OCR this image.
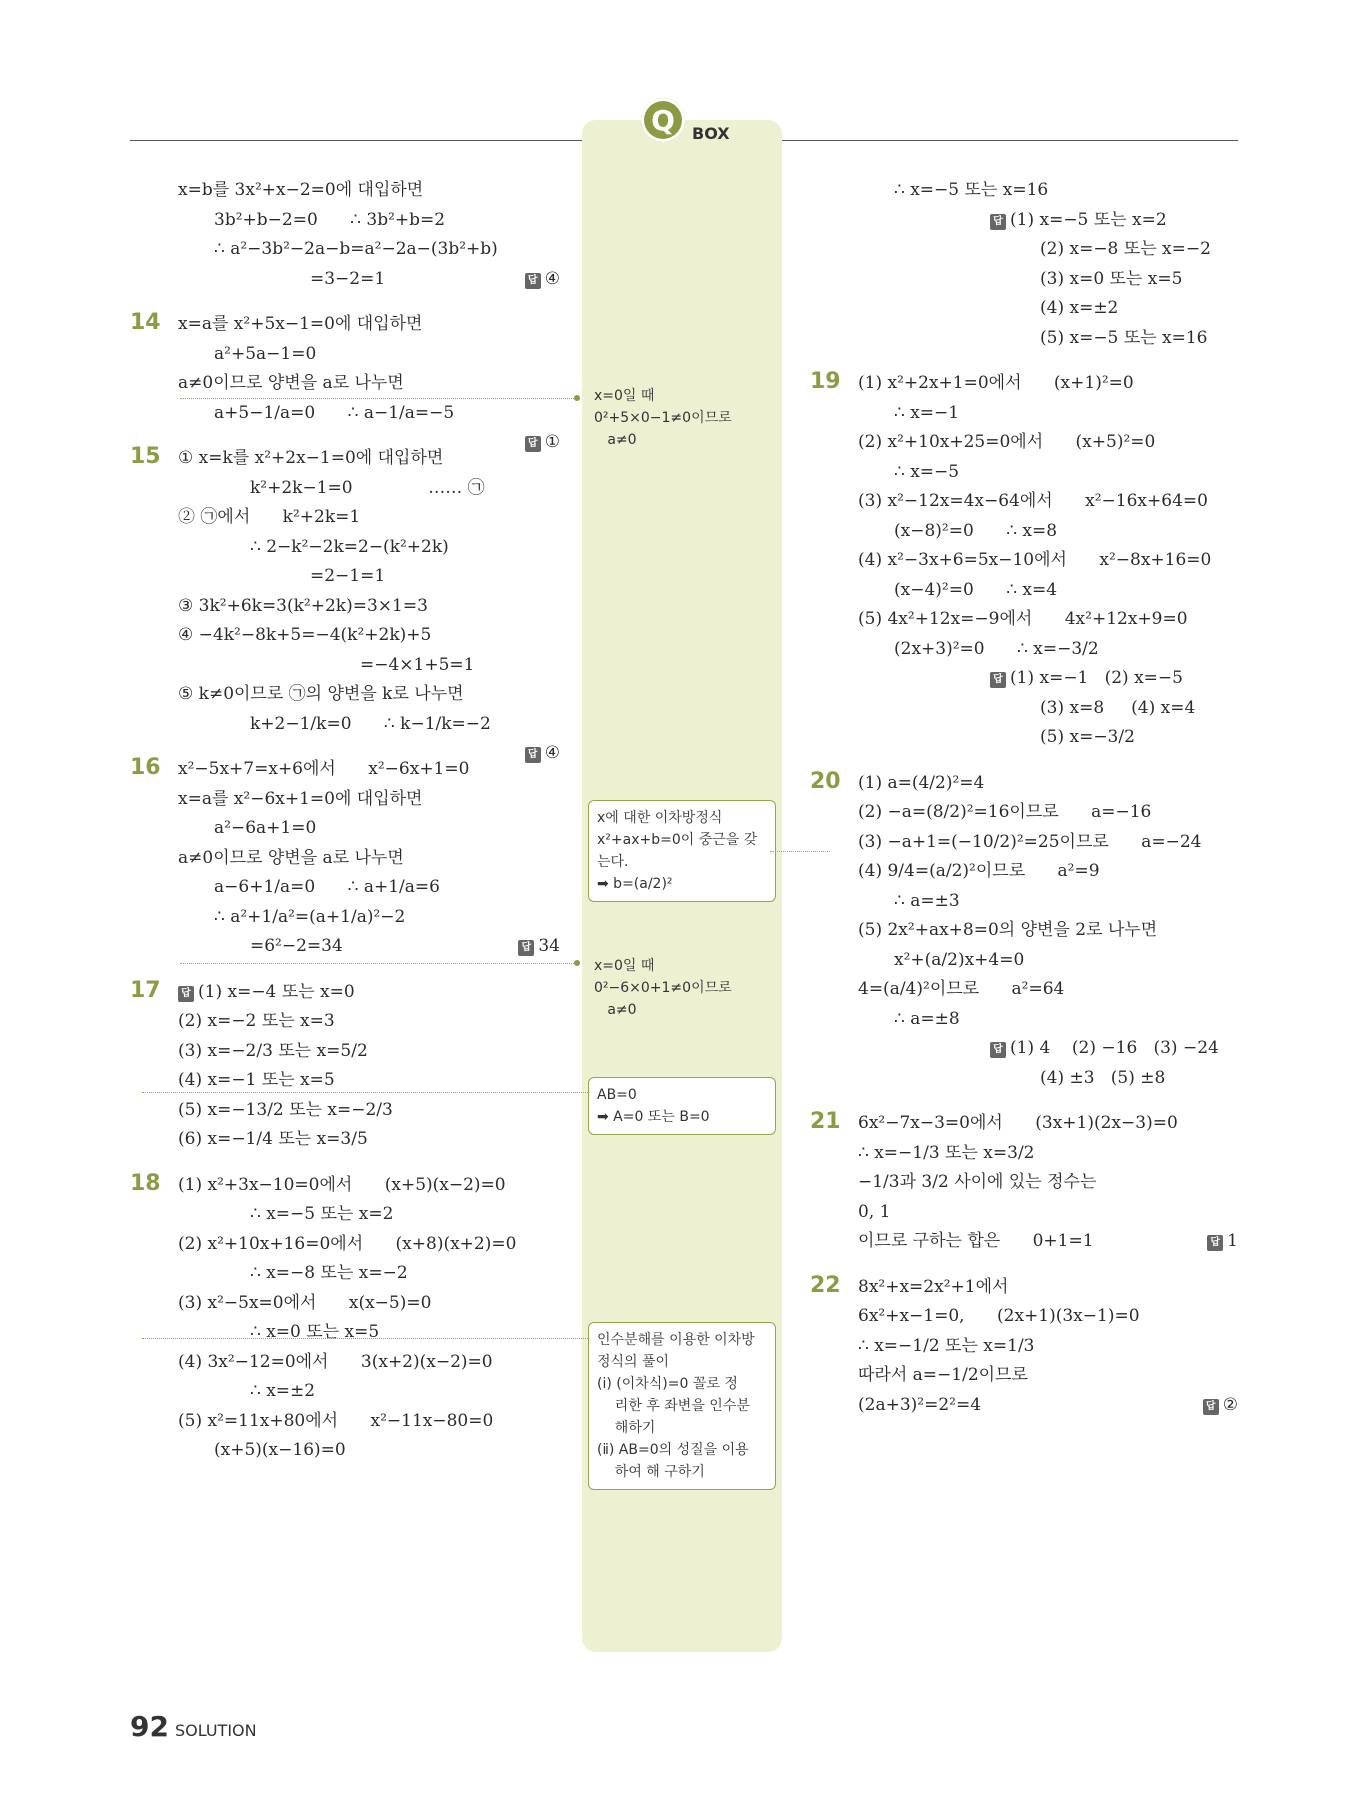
Q	BOX
x=b를 3x²+x−2=0에 대입하면
3b²+b−2=0      ∴ 3b²+b=2
∴ a²−3b²−2a−b=a²−2a−(3b²+b)
=3−2=1	답 ④
14 x=a를 x²+5x−1=0에 대입하면
a²+5a−1=0
a≠0이므로 양변을 a로 나누면
a+5−1/a=0      ∴ a−1/a=−5
답 ①
15 ① x=k를 x²+2x−1=0에 대입하면
k²+2k−1=0              …… ㉠
② ㉠에서      k²+2k=1
∴ 2−k²−2k=2−(k²+2k)
=2−1=1
③ 3k²+6k=3(k²+2k)=3×1=3
④ −4k²−8k+5=−4(k²+2k)+5
=−4×1+5=1
⑤ k≠0이므로 ㉠의 양변을 k로 나누면
k+2−1/k=0      ∴ k−1/k=−2
답 ④
16 x²−5x+7=x+6에서      x²−6x+1=0
x=a를 x²−6x+1=0에 대입하면
a²−6a+1=0
a≠0이므로 양변을 a로 나누면
a−6+1/a=0      ∴ a+1/a=6
∴ a²+1/a²=(a+1/a)²−2
=6²−2=34	답 34
17 답 (1) x=−4 또는 x=0
(2) x=−2 또는 x=3
(3) x=−2/3 또는 x=5/2
(4) x=−1 또는 x=5
(5) x=−13/2 또는 x=−2/3
(6) x=−1/4 또는 x=3/5
18 (1) x²+3x−10=0에서      (x+5)(x−2)=0
∴ x=−5 또는 x=2
(2) x²+10x+16=0에서      (x+8)(x+2)=0
∴ x=−8 또는 x=−2
(3) x²−5x=0에서      x(x−5)=0
∴ x=0 또는 x=5
(4) 3x²−12=0에서      3(x+2)(x−2)=0
∴ x=±2
(5) x²=11x+80에서      x²−11x−80=0
(x+5)(x−16)=0
∴ x=−5 또는 x=16
답 (1) x=−5 또는 x=2
(2) x=−8 또는 x=−2
(3) x=0 또는 x=5
(4) x=±2
(5) x=−5 또는 x=16
19 (1) x²+2x+1=0에서      (x+1)²=0
∴ x=−1
(2) x²+10x+25=0에서      (x+5)²=0
∴ x=−5
(3) x²−12x=4x−64에서      x²−16x+64=0
(x−8)²=0      ∴ x=8
(4) x²−3x+6=5x−10에서      x²−8x+16=0
(x−4)²=0      ∴ x=4
(5) 4x²+12x=−9에서      4x²+12x+9=0
(2x+3)²=0      ∴ x=−3/2
답 (1) x=−1   (2) x=−5
(3) x=8     (4) x=4
(5) x=−3/2
20 (1) a=(4/2)²=4
(2) −a=(8/2)²=16이므로      a=−16
(3) −a+1=(−10/2)²=25이므로      a=−24
(4) 9/4=(a/2)²이므로      a²=9
∴ a=±3
(5) 2x²+ax+8=0의 양변을 2로 나누면
x²+(a/2)x+4=0
4=(a/4)²이므로      a²=64
∴ a=±8
답 (1) 4    (2) −16   (3) −24
(4) ±3   (5) ±8
21 6x²−7x−3=0에서      (3x+1)(2x−3)=0
∴ x=−1/3 또는 x=3/2
−1/3과 3/2 사이에 있는 정수는
0, 1
이므로 구하는 합은      0+1=1	답 1
22 8x²+x=2x²+1에서
6x²+x−1=0,      (2x+1)(3x−1)=0
∴ x=−1/2 또는 x=1/3
따라서 a=−1/2이므로
(2a+3)²=2²=4	답 ②
x=0일 때
0²+5×0−1≠0이므로
a≠0
x에 대한 이차방정식
x²+ax+b=0이 중근을 갖
는다.
➡ b=(a/2)²
x=0일 때
0²−6×0+1≠0이므로
a≠0
AB=0
➡ A=0 또는 B=0
인수분해를 이용한 이차방
정식의 풀이
(ⅰ) (이차식)=0 꼴로 정
리한 후 좌변을 인수분
해하기
(ⅱ) AB=0의 성질을 이용
하여 해 구하기
92 SOLUTION
